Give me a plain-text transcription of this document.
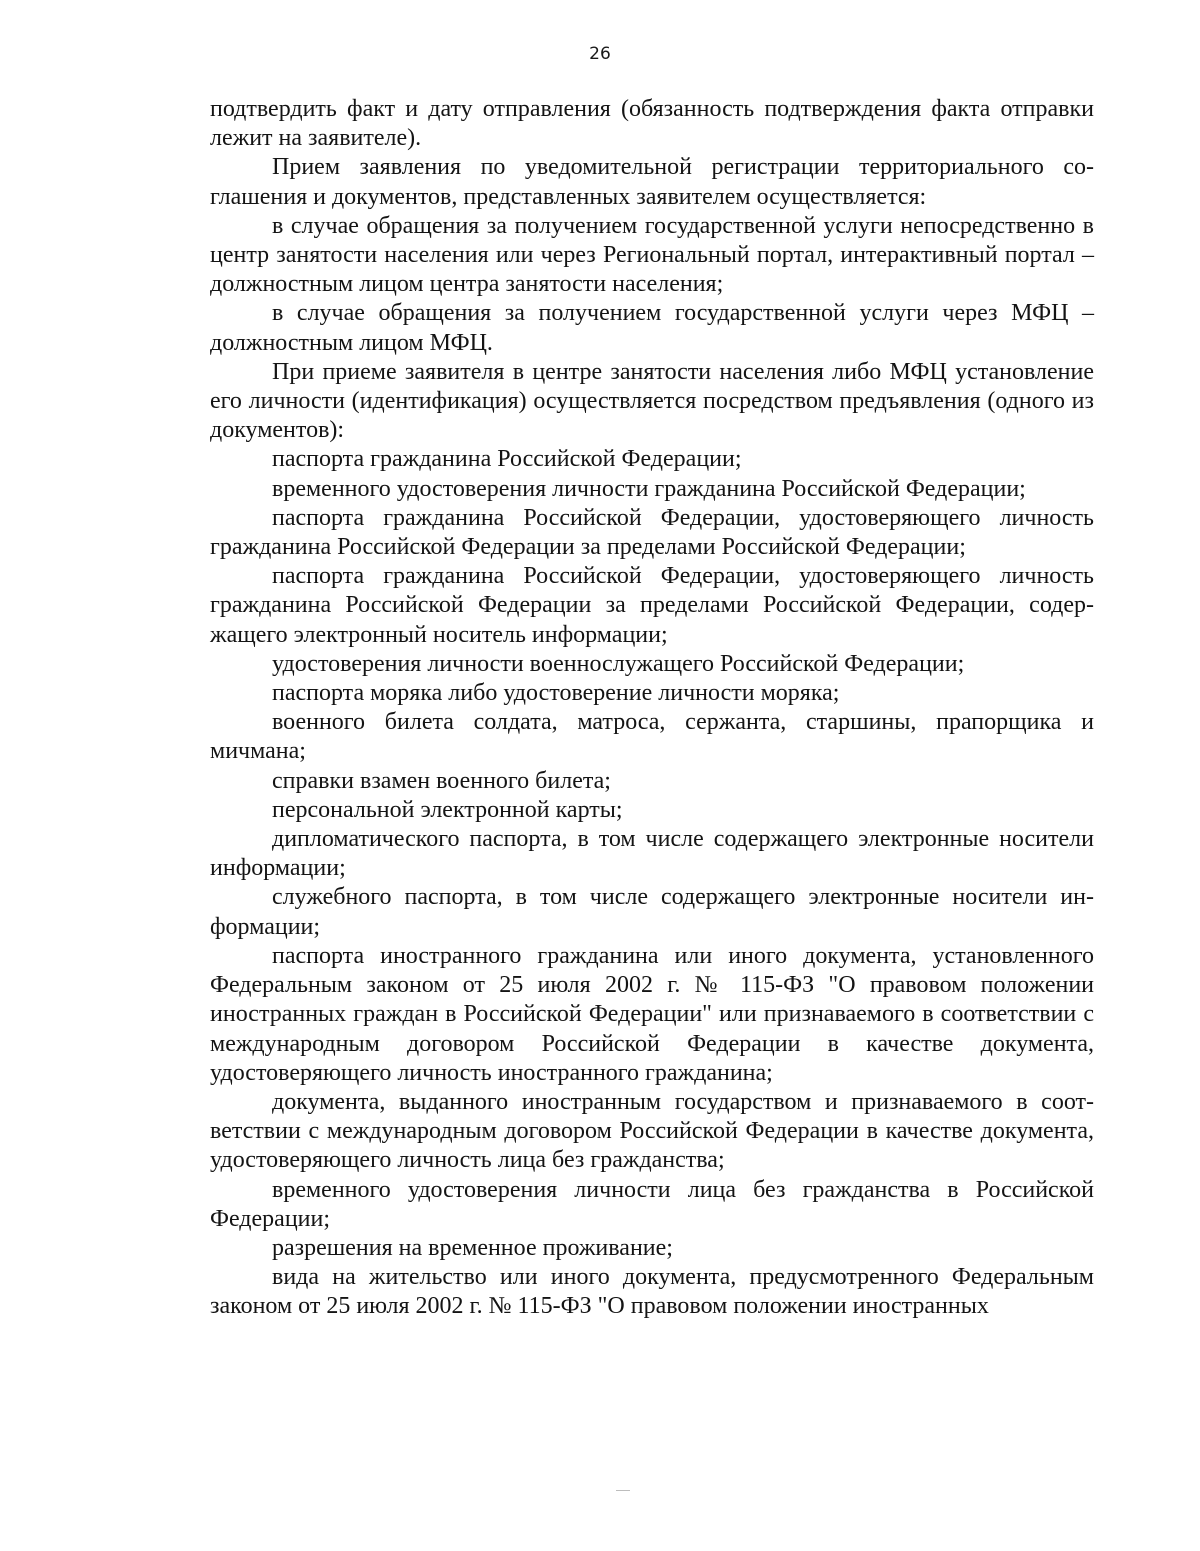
26

подтвердить факт и дату отправления (обязанность подтверждения факта отправки лежит на заявителе).

Прием заявления по уведомительной регистрации территориального соглашения и документов, представленных заявителем осуществляется:

в случае обращения за получением государственной услуги непосредственно в центр занятости населения или через Региональный портал, интерактивный портал – должностным лицом центра занятости населения;

в случае обращения за получением государственной услуги через МФЦ – должностным лицом МФЦ.

При приеме заявителя в центре занятости населения либо МФЦ установление его личности (идентификация) осуществляется посредством предъявления (одного из документов):

паспорта гражданина Российской Федерации;

временного удостоверения личности гражданина Российской Федерации;

паспорта гражданина Российской Федерации, удостоверяющего личность гражданина Российской Федерации за пределами Российской Федерации;

паспорта гражданина Российской Федерации, удостоверяющего личность гражданина Российской Федерации за пределами Российской Федерации, содержащего электронный носитель информации;

удостоверения личности военнослужащего Российской Федерации;

паспорта моряка либо удостоверение личности моряка;

военного билета солдата, матроса, сержанта, старшины, прапорщика и мичмана;

справки взамен военного билета;

персональной электронной карты;

дипломатического паспорта, в том числе содержащего электронные носители информации;

служебного паспорта, в том числе содержащего электронные носители информации;

паспорта иностранного гражданина или иного документа, установленного Федеральным законом от 25 июля 2002 г. № 115-ФЗ "О правовом положении иностранных граждан в Российской Федерации" или признаваемого в соответствии с международным договором Российской Федерации в качестве документа, удостоверяющего личность иностранного гражданина;

документа, выданного иностранным государством и признаваемого в соответствии с международным договором Российской Федерации в качестве документа, удостоверяющего личность лица без гражданства;

временного удостоверения личности лица без гражданства в Российской Федерации;

разрешения на временное проживание;

вида на жительство или иного документа, предусмотренного Федеральным законом от 25 июля 2002 г. № 115-ФЗ "О правовом положении иностранных
